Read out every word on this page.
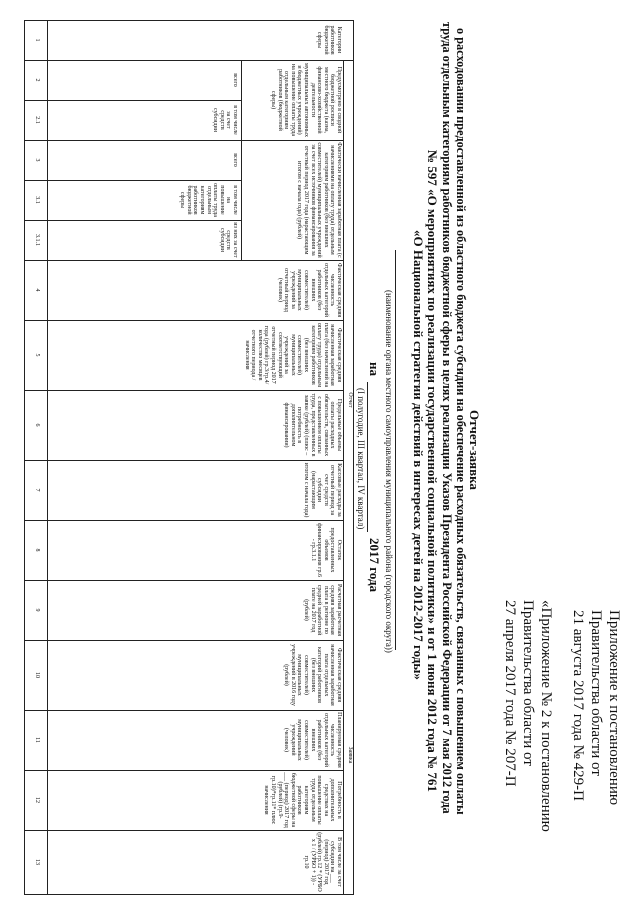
Приложение к постановлению
Правительства области от
21 августа 2017 года № 429-П
«Приложение № 2 к постановлению
Правительства области от
27 апреля 2017 года № 207-П
Отчет-заявка
о расходовании предоставленной из областного бюджета субсидии на обеспечение расходных обязательств, связанных с повышением оплаты
труда отдельным категориям работников бюджетной сферы в целях реализации Указов Президента Российской Федерации от 7 мая 2012 года
№ 597 «О мероприятиях по реализации государственной социальной политики» и от 1 июня 2012 года № 761
«О Национальной стратегии действий в интересах детей на 2012-2017 годы»
(наименование органа местного самоуправления муниципального района (городского округа))
на
2017 года
(I полугодие, III квартал, IV квартал)
Отчет
Заявка
Категории работников бюджетной сферы
Предусмотрено в сводной бюджетной росписи местного бюджета (казна, финансово-хозяйственной деятельности муниципальных автономных и бюджетных учреждений) на повышение оплаты труда отдельным категориям работников (бюджетной сферы)
всего
в том числе за счет средств субсидии
Фактически начисленная заработная плата (с начислениями на оплату труда) отдельным категориям работников (без внешних совместителей) муниципальных учреждений за счет всех источников финансирования за отчетный период 2017 года (нарастающим итогом с начала года) (рублей)
всего
в том числе на повышение оплаты труда отдельным категориям работников бюджетной сферы
из них за счет средств субсидии
Фактическая средняя численность отдельных категорий работников (без внешних совместителей) муниципальных учреждений за отчетный период (человек)
Фактическая средняя начисленная заработная плата (без начислений на оплату труда) отдельным категориям работников (без внешних совместителей) муниципальных учреждений за соответствующий отчетный период 2017 года (рублей) гр.3/гр.4/количество месяцев отчетного периода / начисления
Предельные объемы оплаты расходных обязательств, связанных с повышением оплаты труда, представленных в заявке (рублей) (плюс – потребность в дополнительном финансировании)
Кассовые расходы за отчетный период за счет средств субсидии (нарастающим итогом с начала года)
Остаток предоставленных объемов финансирования гр.6 - гр.3.1.1
Расчетная расчетная средняя заработная плата в регионе по средней заработной плате на 2017 год (рублей)
Фактическая средняя начисленная заработная плата отдельных категорий работников (без внешних совместителей) муниципальных учреждений в 2016 году (рублей)
Планируемая средняя численность отдельных категорий работников (без внешних совместителей) муниципальных учреждений (человек)
Потребность в дополнительных средствах на повышение оплаты труда отдельным категориям работников бюджетной сферы на ___ (период) 2017 год (рублей) (гр.9-гр.10)*гр.11* плюс начисления
В том числе за счет субсидии на ___ (период) 2017 год (рублей) гр.12 * (УРБО x 1 / (УРБО + 1)) - гр.10
1
2
2.1
3
3.1
3.1.1
4
5
6
7
8
9
10
11
12
13
